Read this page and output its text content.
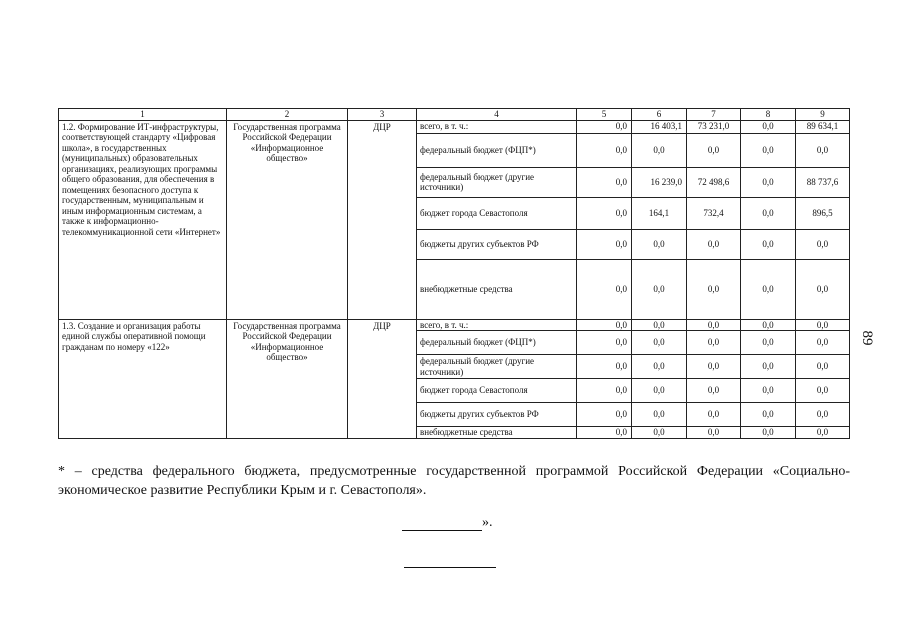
1	2	3	4	5	6	7	8	9
1.2. Формирование ИТ-инфраструктуры, соответствующей стандарту «Цифровая школа», в государственных (муниципальных) образовательных организациях, реализующих программы общего образования, для обеспечения в помещениях безопасного доступа к государственным, муниципальным и иным информационным системам, а также к информационно-телекоммуникационной сети «Интернет»	Государственная программа Российской Федерации «Информационное общество»	ДЦР	всего, в т. ч.:	0,0	16 403,1	73 231,0	0,0	89 634,1
			федеральный бюджет (ФЦП*)	0,0	0,0	0,0	0,0	0,0
			федеральный бюджет (другие источники)	0,0	16 239,0	72 498,6	0,0	88 737,6
			бюджет города Севастополя	0,0	164,1	732,4	0,0	896,5
			бюджеты других субъектов РФ	0,0	0,0	0,0	0,0	0,0
			внебюджетные средства	0,0	0,0	0,0	0,0	0,0
1.3. Создание и организация работы единой службы оперативной помощи гражданам по номеру «122»	Государственная программа Российской Федерации «Информационное общество»	ДЦР	всего, в т. ч.:	0,0	0,0	0,0	0,0	0,0
			федеральный бюджет (ФЦП*)	0,0	0,0	0,0	0,0	0,0
			федеральный бюджет (другие источники)	0,0	0,0	0,0	0,0	0,0
			бюджет города Севастополя	0,0	0,0	0,0	0,0	0,0
			бюджеты других субъектов РФ	0,0	0,0	0,0	0,0	0,0
			внебюджетные средства	0,0	0,0	0,0	0,0	0,0
89
* – средства федерального бюджета, предусмотренные государственной программой Российской Федерации «Социально-экономическое развитие Республики Крым и г. Севастополя».
».
